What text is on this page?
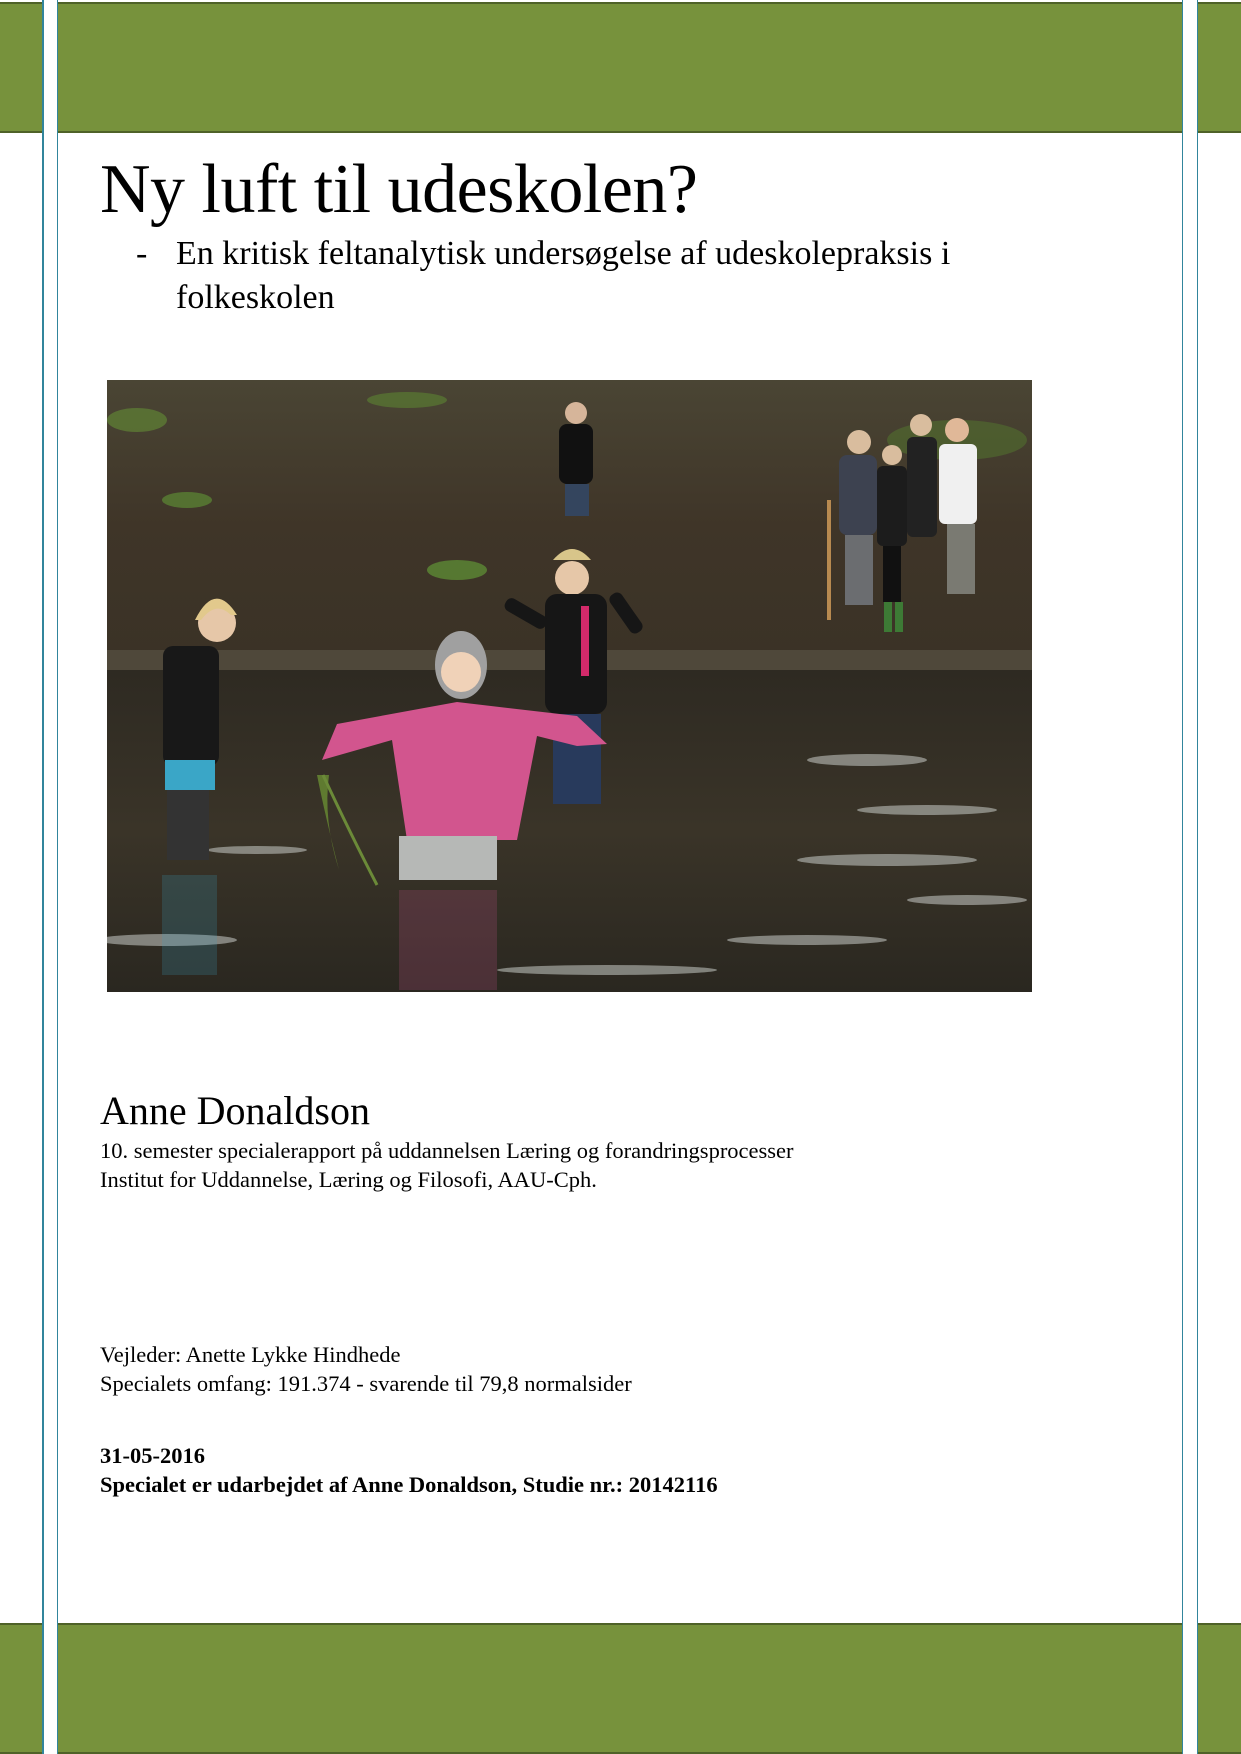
Ny luft til udeskolen?
- En kritisk feltanalytisk undersøgelse af udeskolepraksis i folkeskolen
Anne Donaldson
10. semester specialerapport på uddannelsen Læring og forandringsprocesser
Institut for Uddannelse, Læring og Filosofi, AAU-Cph.
Vejleder: Anette Lykke Hindhede
Specialets omfang: 191.374 - svarende til 79,8 normalsider
31-05-2016
Specialet er udarbejdet af Anne Donaldson, Studie nr.: 20142116
